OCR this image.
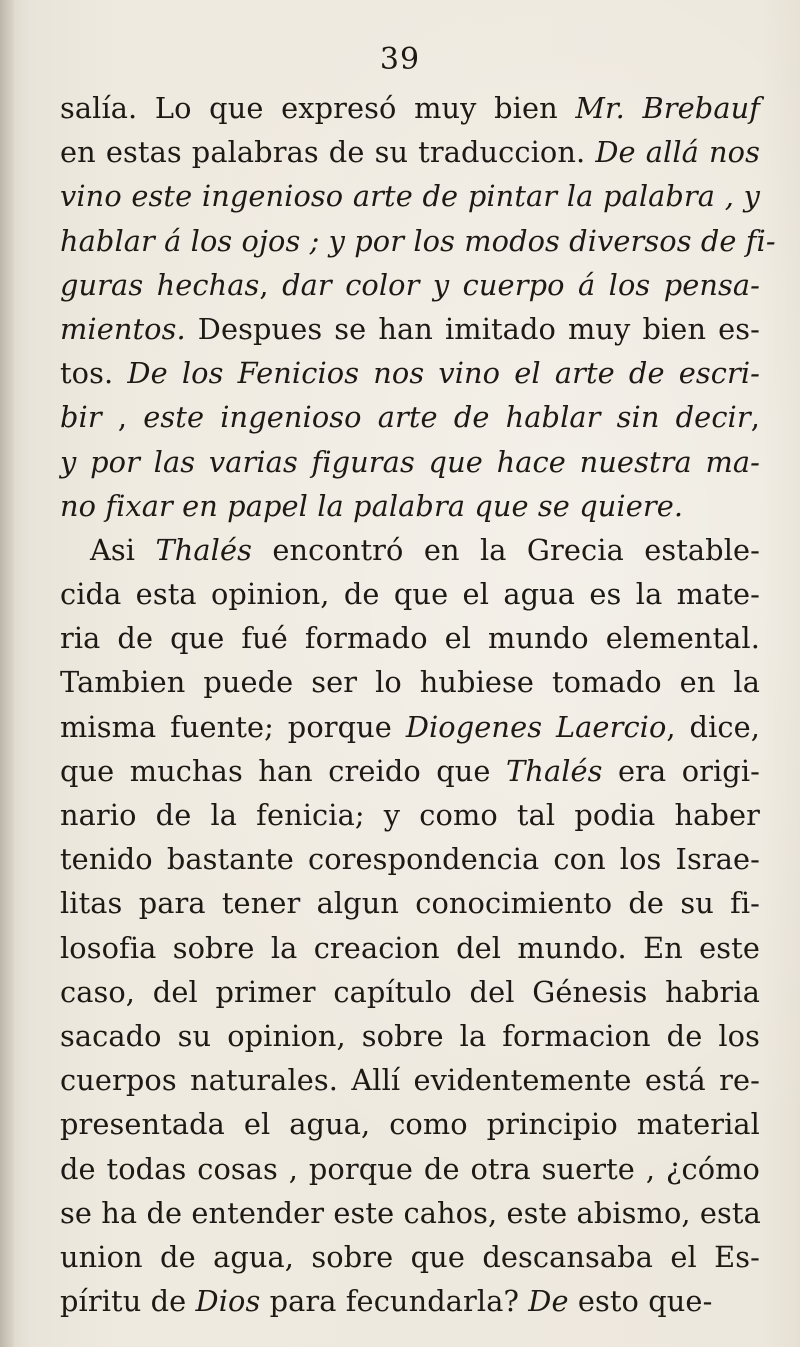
39
salía. Lo que expresó muy bien Mr. Brebauf
en estas palabras de su traduccion. De allá nos
vino este ingenioso arte de pintar la palabra , y
hablar á los ojos ; y por los modos diversos de fi-
guras hechas, dar color y cuerpo á los pensa-
mientos. Despues se han imitado muy bien es-
tos. De los Fenicios nos vino el arte de escri-
bir , este ingenioso arte de hablar sin decir,
y por las varias figuras que hace nuestra ma-
no fixar en papel la palabra que se quiere.
Asi Thalés encontró en la Grecia estable-
cida esta opinion, de que el agua es la mate-
ria de que fué formado el mundo elemental.
Tambien puede ser lo hubiese tomado en la
misma fuente; porque Diogenes Laercio, dice,
que muchas han creido que Thalés era origi-
nario de la fenicia; y como tal podia haber
tenido bastante corespondencia con los Israe-
litas para tener algun conocimiento de su fi-
losofia sobre la creacion del mundo. En este
caso, del primer capítulo del Génesis habria
sacado su opinion, sobre la formacion de los
cuerpos naturales. Allí evidentemente está re-
presentada el agua, como principio material
de todas cosas , porque de otra suerte , ¿cómo
se ha de entender este cahos, este abismo, esta
union de agua, sobre que descansaba el Es-
píritu de Dios para fecundarla? De esto que-
